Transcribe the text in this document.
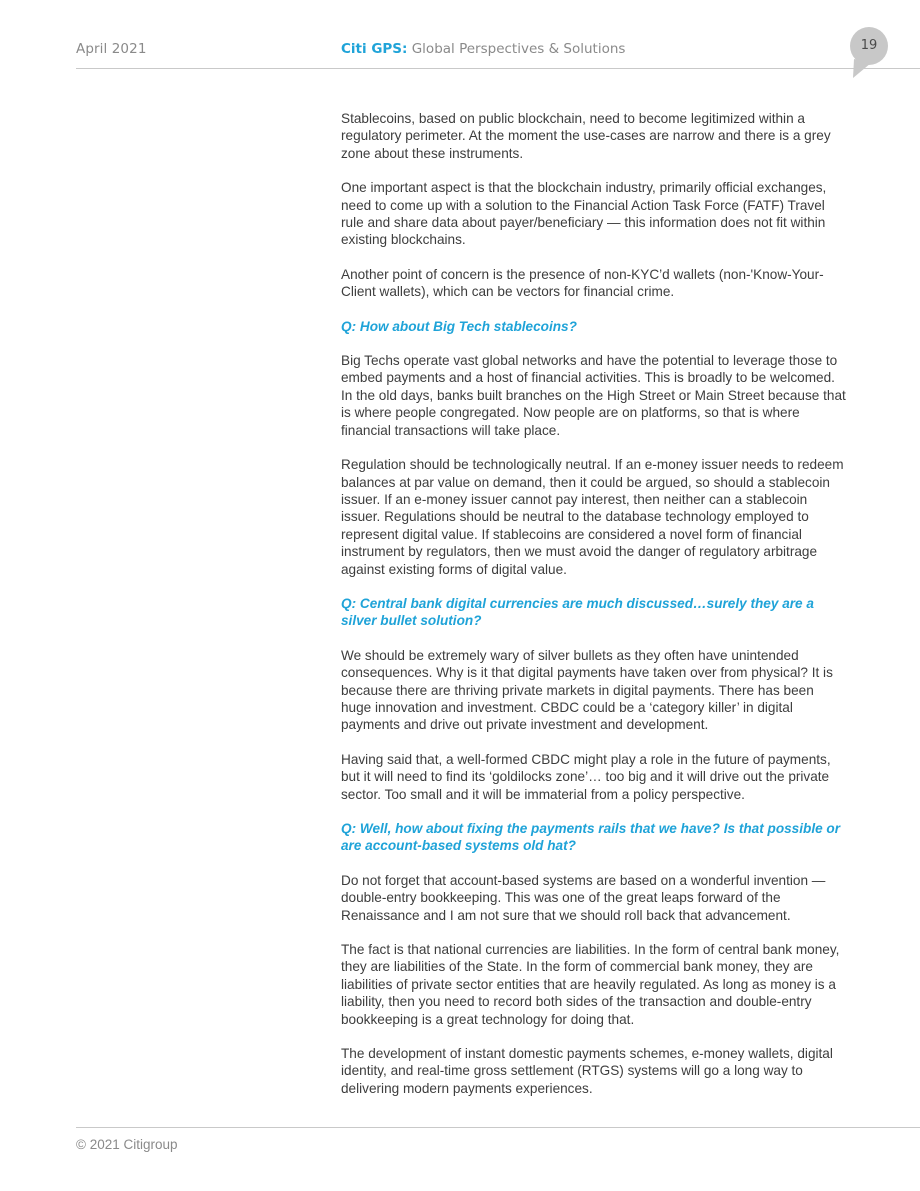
April 2021	Citi GPS: Global Perspectives & Solutions	19

Stablecoins, based on public blockchain, need to become legitimized within a regulatory perimeter. At the moment the use-cases are narrow and there is a grey zone about these instruments.

One important aspect is that the blockchain industry, primarily official exchanges, need to come up with a solution to the Financial Action Task Force (FATF) Travel rule and share data about payer/beneficiary — this information does not fit within existing blockchains.

Another point of concern is the presence of non-KYC’d wallets (non-'Know-Your-Client wallets), which can be vectors for financial crime.

Q: How about Big Tech stablecoins?

Big Techs operate vast global networks and have the potential to leverage those to embed payments and a host of financial activities. This is broadly to be welcomed. In the old days, banks built branches on the High Street or Main Street because that is where people congregated. Now people are on platforms, so that is where financial transactions will take place.

Regulation should be technologically neutral. If an e-money issuer needs to redeem balances at par value on demand, then it could be argued, so should a stablecoin issuer. If an e-money issuer cannot pay interest, then neither can a stablecoin issuer. Regulations should be neutral to the database technology employed to represent digital value. If stablecoins are considered a novel form of financial instrument by regulators, then we must avoid the danger of regulatory arbitrage against existing forms of digital value.

Q: Central bank digital currencies are much discussed…surely they are a silver bullet solution?

We should be extremely wary of silver bullets as they often have unintended consequences. Why is it that digital payments have taken over from physical? It is because there are thriving private markets in digital payments. There has been huge innovation and investment. CBDC could be a ‘category killer’ in digital payments and drive out private investment and development.

Having said that, a well-formed CBDC might play a role in the future of payments, but it will need to find its ‘goldilocks zone’… too big and it will drive out the private sector. Too small and it will be immaterial from a policy perspective.

Q: Well, how about fixing the payments rails that we have? Is that possible or are account-based systems old hat?

Do not forget that account-based systems are based on a wonderful invention — double-entry bookkeeping. This was one of the great leaps forward of the Renaissance and I am not sure that we should roll back that advancement.

The fact is that national currencies are liabilities. In the form of central bank money, they are liabilities of the State. In the form of commercial bank money, they are liabilities of private sector entities that are heavily regulated. As long as money is a liability, then you need to record both sides of the transaction and double-entry bookkeeping is a great technology for doing that.

The development of instant domestic payments schemes, e-money wallets, digital identity, and real-time gross settlement (RTGS) systems will go a long way to delivering modern payments experiences.

© 2021 Citigroup
